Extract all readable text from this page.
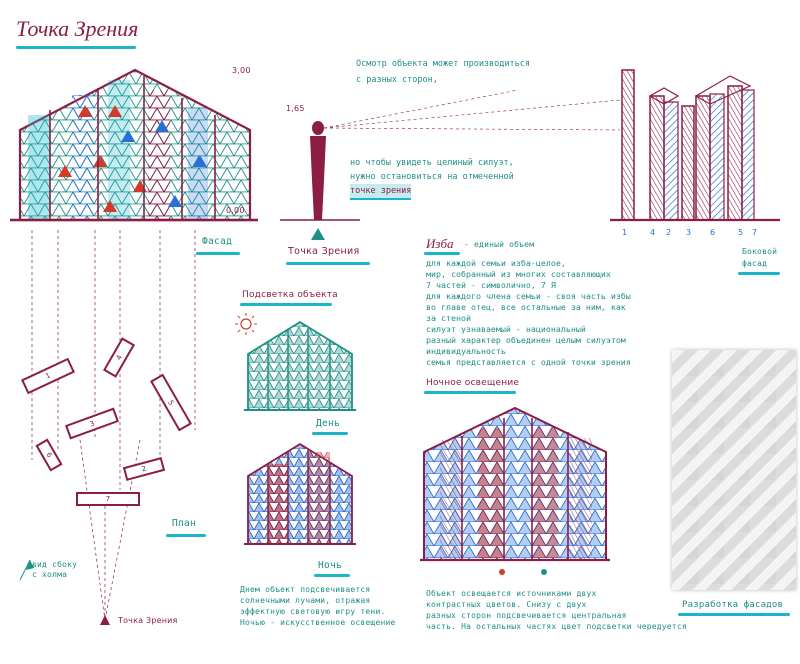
Точка Зрения
3,00
0,00
Фасад
1
4
3
5
6
2
7
План
вид сбоку
с холма
Точка Зрения
1,65
Точка Зрения
Осмотр объекта может производиться
с разных сторон,
но чтобы увидеть целиный силуэт,
нужно остановиться на отмеченной
точке зрения
1	4 2 3 6	5 7
Боковой
фасад
Изба - единый объем
для каждой семьи изба-целое,
мир, собранный из многих составляющих
7 частей - символично, 7 Я
для каждого члена семьи - своя часть избы
во главе отец, все остальные за ним, как
за стеной
силуэт узнаваемый - национальный
разный характер объединен целым силуэтом
индивидуальность
семья представляется с одной точки зрения
Подсветка объекта
День
Ночь
Днем объект подсвечивается
солнечными лучами, отражая
эффектную световую игру тени.
Ночью - искусственное освещение
Ночное освещение
Объект освещается источниками двух
контрастных цветов. Снизу с двух
разных сторон подсвечивается центральная
часть. На остальных частях цвет подсветки чередуется
Разработка фасадов
